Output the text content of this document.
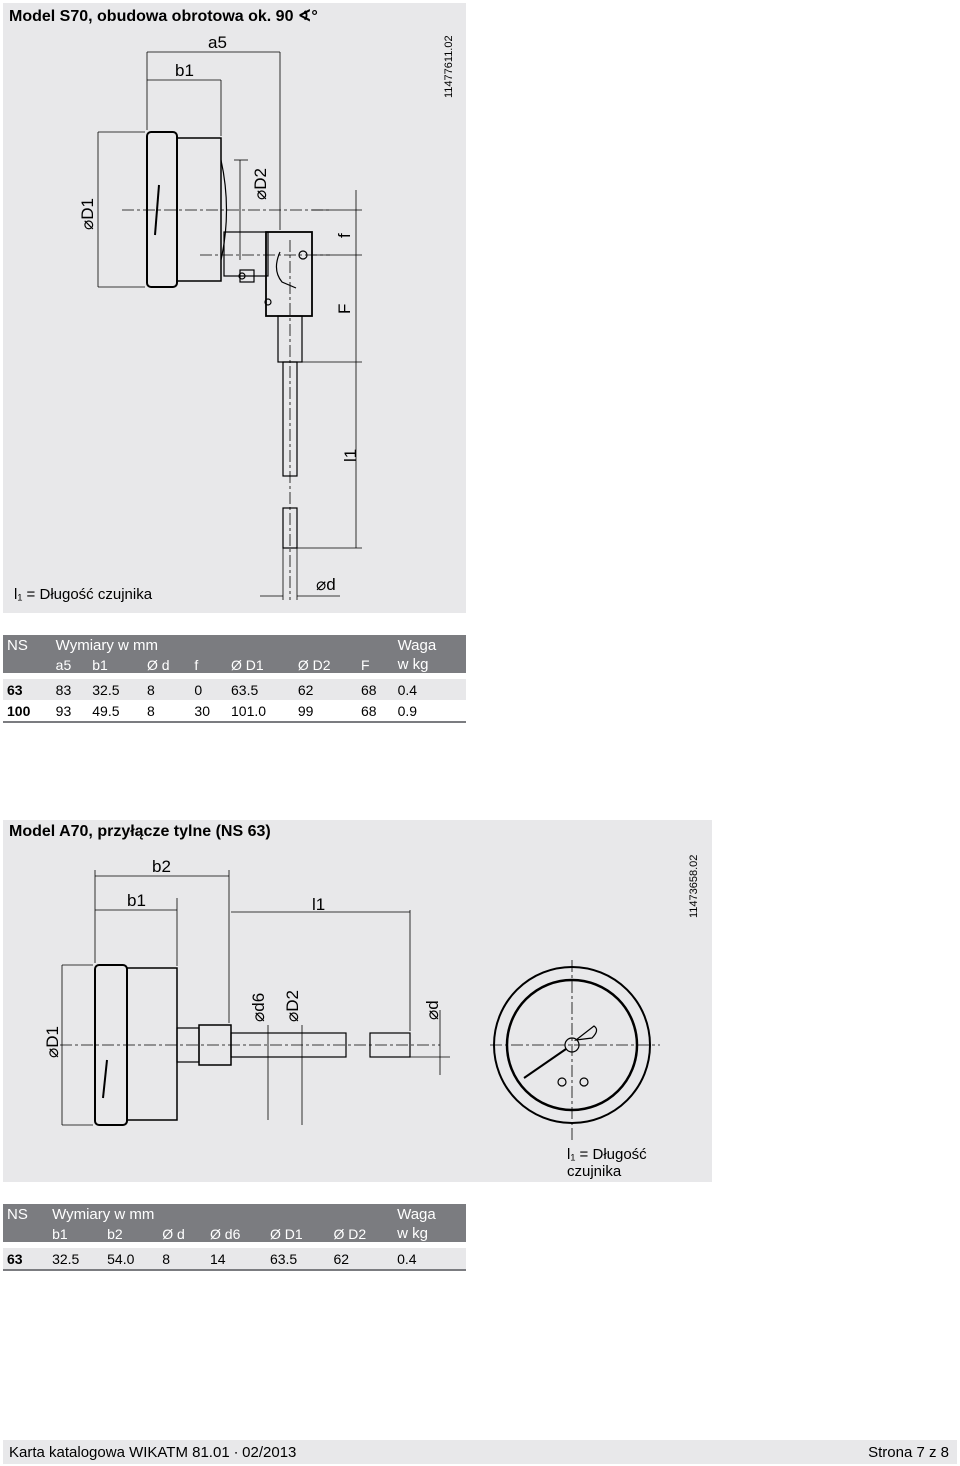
Model S70, obudowa obrotowa ok. 90 ∢°
11477611.02
a5
b1
⌀D1
⌀D2
f
F
l1
⌀d
l₁ = Długość czujnika
NS	Wymiary w mm							Waga
	a5	b1	Ø d	f	Ø D1	Ø D2	F	w kg

63	83	32.5	8	0	63.5	62	68	0.4
100	93	49.5	8	30	101.0	99	68	0.9
Model A70, przyłącze tylne (NS 63)
11473658.02
b2
b1	l1
⌀D1
⌀d6 ⌀D2	⌀d
l₁ = Długość
czujnika
NS	Wymiary w mm						Waga
	b1	b2	Ø d	Ø d6	Ø D1	Ø D2	w kg

63	32.5	54.0	8	14	63.5	62	0.4
Karta katalogowa WIKATM 81.01 ∙ 02/2013	Strona 7 z 8
